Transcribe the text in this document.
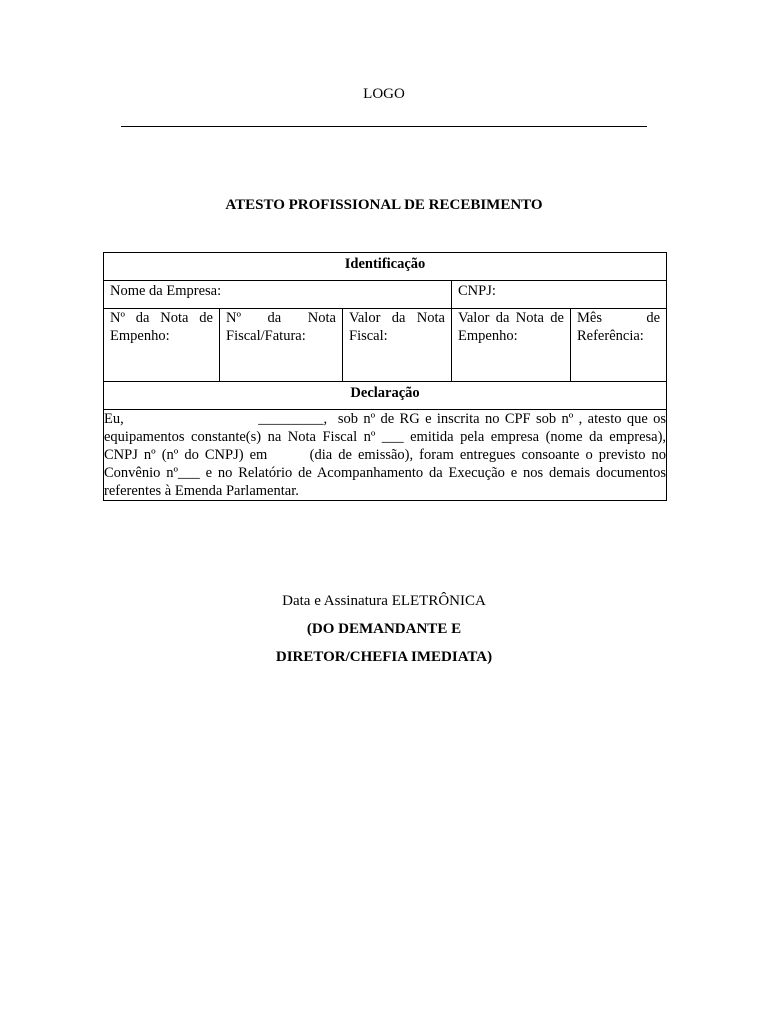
LOGO
ATESTO PROFISSIONAL DE RECEBIMENTO
Identificação				

Nome da Empresa:			CNPJ:	

Nº da Nota de Empenho:	Nº da Nota Fiscal/Fatura:	Valor da Nota Fiscal:	Valor da Nota de Empenho:	Mês de Referência:

Declaração				

Eu,                         _________,  sob nº de RG e inscrita no CPF sob nº , atesto que os equipamentos constante(s) na Nota Fiscal nº ___ emitida pela empresa (nome da empresa), CNPJ nº (nº do CNPJ) em       (dia de emissão), foram entregues consoante o previsto no Convênio nº___ e no Relatório de Acompanhamento da Execução e nos demais documentos referentes à Emenda Parlamentar.				
Data e Assinatura ELETRÔNICA
(DO DEMANDANTE E
DIRETOR/CHEFIA IMEDIATA)
